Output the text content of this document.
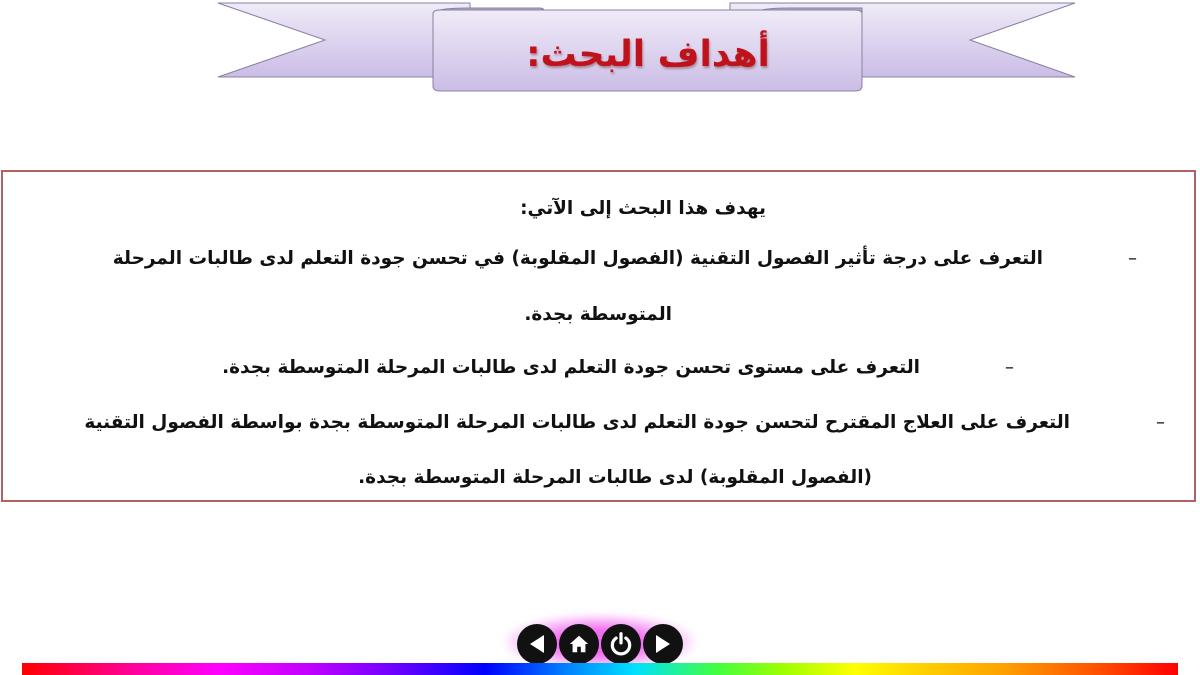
أهداف البحث:
يهدف هذا البحث إلى الآتي:
–
التعرف على درجة تأثير الفصول التقنية (الفصول المقلوبة) في تحسن جودة التعلم لدى طالبات المرحلة
المتوسطة بجدة.
–
التعرف على مستوى تحسن جودة التعلم لدى طالبات المرحلة المتوسطة بجدة.
–
التعرف على العلاج المقترح لتحسن جودة التعلم لدى طالبات المرحلة المتوسطة بجدة بواسطة الفصول التقنية
(الفصول المقلوبة) لدى طالبات المرحلة المتوسطة بجدة.
